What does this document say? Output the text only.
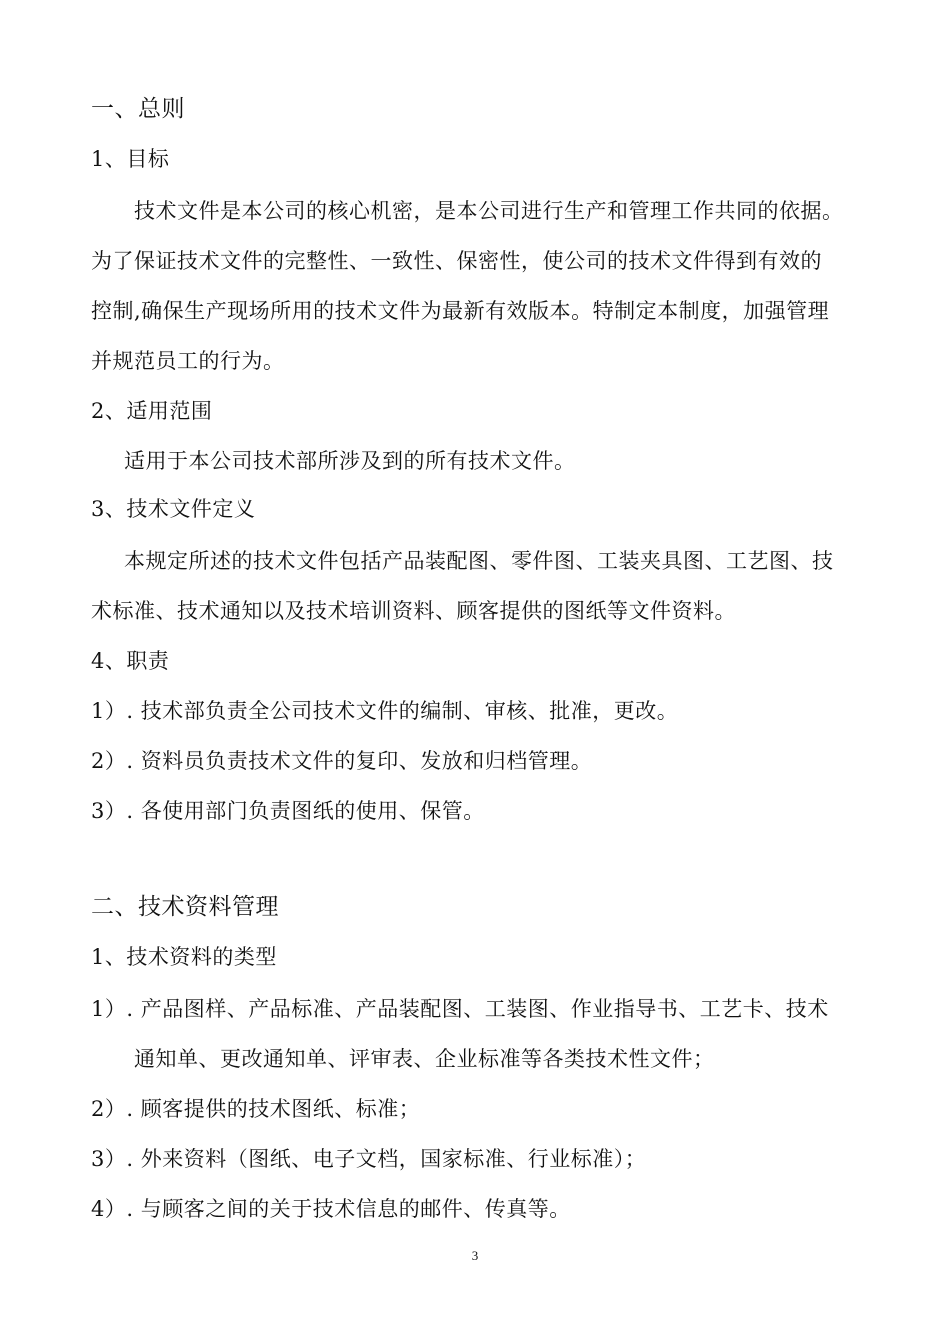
一、总则
1、目标
技术文件是本公司的核心机密，是本公司进行生产和管理工作共同的依据。
为了保证技术文件的完整性、一致性、保密性，使公司的技术文件得到有效的
控制,确保生产现场所用的技术文件为最新有效版本。特制定本制度，加强管理
并规范员工的行为。
2、适用范围
适用于本公司技术部所涉及到的所有技术文件。
3、技术文件定义
本规定所述的技术文件包括产品装配图、零件图、工装夹具图、工艺图、技
术标准、技术通知以及技术培训资料、顾客提供的图纸等文件资料。
4、职责
1）. 技术部负责全公司技术文件的编制、审核、批准，更改。
2）. 资料员负责技术文件的复印、发放和归档管理。
3）. 各使用部门负责图纸的使用、保管。
二、技术资料管理
1、技术资料的类型
1）. 产品图样、产品标准、产品装配图、工装图、作业指导书、工艺卡、技术
通知单、更改通知单、评审表、企业标准等各类技术性文件；
2）. 顾客提供的技术图纸、标准；
3）. 外来资料（图纸、电子文档，国家标准、行业标准）；
4）. 与顾客之间的关于技术信息的邮件、传真等。
3
